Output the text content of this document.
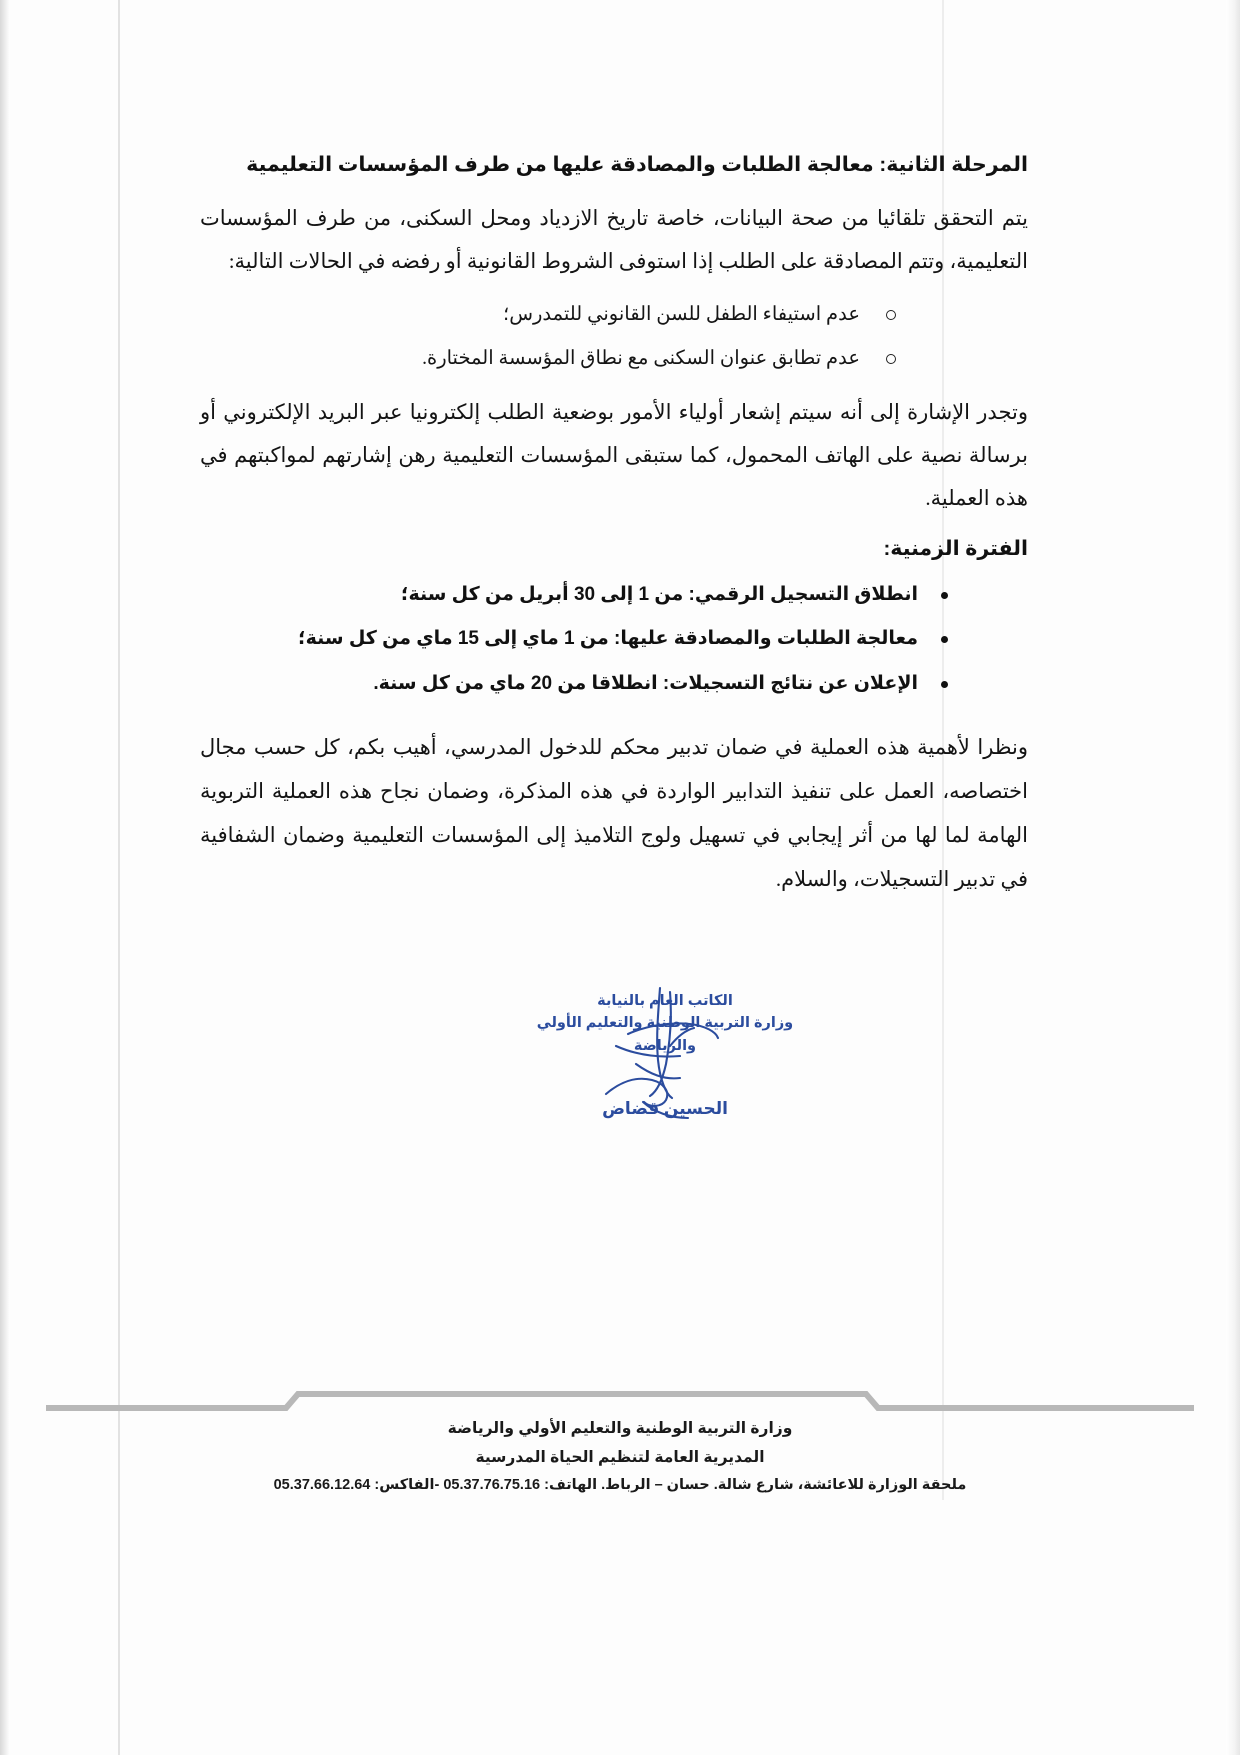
المرحلة الثانية: معالجة الطلبات والمصادقة عليها من طرف المؤسسات التعليمية

يتم التحقق تلقائيا من صحة البيانات، خاصة تاريخ الازدياد ومحل السكنى، من طرف المؤسسات التعليمية، وتتم المصادقة على الطلب إذا استوفى الشروط القانونية أو رفضه في الحالات التالية:

عدم استيفاء الطفل للسن القانوني للتمدرس؛
عدم تطابق عنوان السكنى مع نطاق المؤسسة المختارة.

وتجدر الإشارة إلى أنه سيتم إشعار أولياء الأمور بوضعية الطلب إلكترونيا عبر البريد الإلكتروني أو برسالة نصية على الهاتف المحمول، كما ستبقى المؤسسات التعليمية رهن إشارتهم لمواكبتهم في هذه العملية.

الفترة الزمنية:
انطلاق التسجيل الرقمي: من 1 إلى 30 أبريل من كل سنة؛
معالجة الطلبات والمصادقة عليها: من 1 ماي إلى 15 ماي من كل سنة؛
الإعلان عن نتائج التسجيلات: انطلاقا من 20 ماي من كل سنة.

ونظرا لأهمية هذه العملية في ضمان تدبير محكم للدخول المدرسي، أهيب بكم، كل حسب مجال اختصاصه، العمل على تنفيذ التدابير الواردة في هذه المذكرة، وضمان نجاح هذه العملية التربوية الهامة لما لها من أثر إيجابي في تسهيل ولوج التلاميذ إلى المؤسسات التعليمية وضمان الشفافية في تدبير التسجيلات، والسلام.

الكاتب العام بالنيابة
وزارة التربية الوطنية والتعليم الأولي
والرياضة
الحسين قضاض
وزارة التربية الوطنية والتعليم الأولي والرياضة
المديرية العامة لتنظيم الحياة المدرسية
ملحقة الوزارة للاعائشة، شارع شالة. حسان – الرباط. الهاتف: 05.37.76.75.16 -الفاكس: 05.37.66.12.64
